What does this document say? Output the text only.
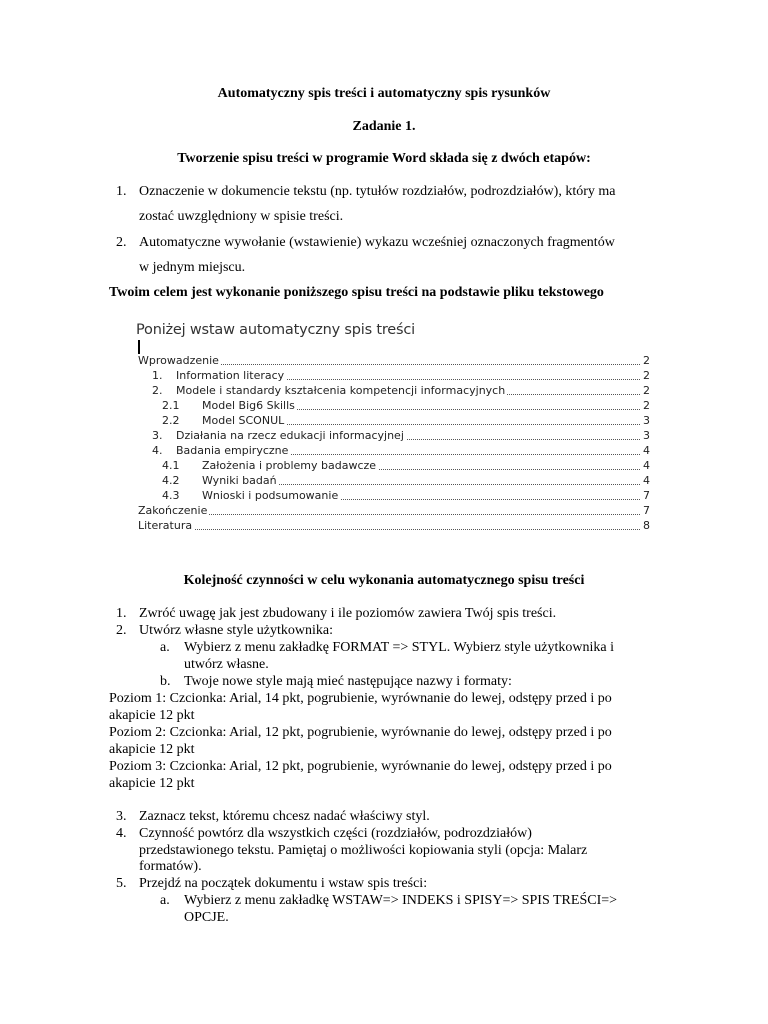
Automatyczny spis treści i automatyczny spis rysunków
Zadanie 1.
Tworzenie spisu treści w programie Word składa się z dwóch etapów:
1. Oznaczenie w dokumencie tekstu (np. tytułów rozdziałów, podrozdziałów), który ma
zostać uwzględniony w spisie treści.
2. Automatyczne wywołanie (wstawienie) wykazu wcześniej oznaczonych fragmentów
w jednym miejscu.
Twoim celem jest wykonanie poniższego spisu treści na podstawie pliku tekstowego
Poniżej wstaw automatyczny spis treści
Wprowadzenie	2
1. Information literacy	2
2. Modele i standardy kształcenia kompetencji informacyjnych	2
2.1 Model Big6 Skills	2
2.2 Model SCONUL	3
3. Działania na rzecz edukacji informacyjnej	3
4. Badania empiryczne	4
4.1 Założenia i problemy badawcze	4
4.2 Wyniki badań	4
4.3 Wnioski i podsumowanie	7
Zakończenie	7
Literatura	8
Kolejność czynności w celu wykonania automatycznego spisu treści
1. Zwróć uwagę jak jest zbudowany i ile poziomów zawiera Twój spis treści.
2. Utwórz własne style użytkownika:
a. Wybierz z menu zakładkę FORMAT => STYL. Wybierz style użytkownika i
utwórz własne.
b. Twoje nowe style mają mieć następujące nazwy i formaty:
Poziom 1: Czcionka: Arial, 14 pkt, pogrubienie, wyrównanie do lewej, odstępy przed i po
akapicie 12 pkt
Poziom 2: Czcionka: Arial, 12 pkt, pogrubienie, wyrównanie do lewej, odstępy przed i po
akapicie 12 pkt
Poziom 3: Czcionka: Arial, 12 pkt, pogrubienie, wyrównanie do lewej, odstępy przed i po
akapicie 12 pkt
3. Zaznacz tekst, któremu chcesz nadać właściwy styl.
4. Czynność powtórz dla wszystkich części (rozdziałów, podrozdziałów)
przedstawionego tekstu. Pamiętaj o możliwości kopiowania styli (opcja: Malarz
formatów).
5. Przejdź na początek dokumentu i wstaw spis treści:
a. Wybierz z menu zakładkę WSTAW=> INDEKS i SPISY=> SPIS TREŚCI=>
OPCJE.
